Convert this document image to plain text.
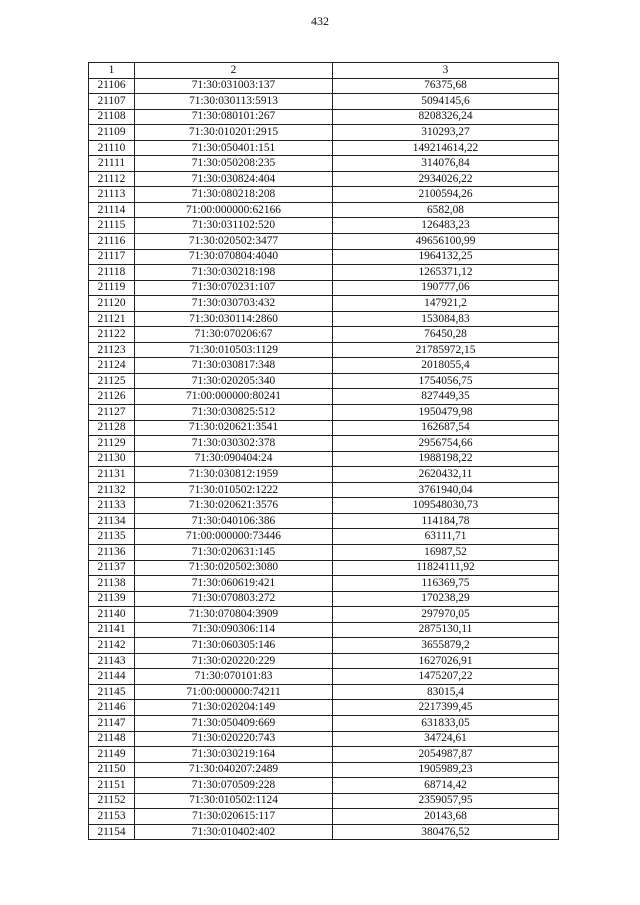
432
1	2	3
21106	71:30:031003:137	76375,68
21107	71:30:030113:5913	5094145,6
21108	71:30:080101:267	8208326,24
21109	71:30:010201:2915	310293,27
21110	71:30:050401:151	149214614,22
21111	71:30:050208:235	314076,84
21112	71:30:030824:404	2934026,22
21113	71:30:080218:208	2100594,26
21114	71:00:000000:62166	6582,08
21115	71:30:031102:520	126483,23
21116	71:30:020502:3477	49656100,99
21117	71:30:070804:4040	1964132,25
21118	71:30:030218:198	1265371,12
21119	71:30:070231:107	190777,06
21120	71:30:030703:432	147921,2
21121	71:30:030114:2860	153084,83
21122	71:30:070206:67	76450,28
21123	71:30:010503:1129	21785972,15
21124	71:30:030817:348	2018055,4
21125	71:30:020205:340	1754056,75
21126	71:00:000000:80241	827449,35
21127	71:30:030825:512	1950479,98
21128	71:30:020621:3541	162687,54
21129	71:30:030302:378	2956754,66
21130	71:30:090404:24	1988198,22
21131	71:30:030812:1959	2620432,11
21132	71:30:010502:1222	3761940,04
21133	71:30:020621:3576	109548030,73
21134	71:30:040106:386	114184,78
21135	71:00:000000:73446	63111,71
21136	71:30:020631:145	16987,52
21137	71:30:020502:3080	11824111,92
21138	71:30:060619:421	116369,75
21139	71:30:070803:272	170238,29
21140	71:30:070804:3909	297970,05
21141	71:30:090306:114	2875130,11
21142	71:30:060305:146	3655879,2
21143	71:30:020220:229	1627026,91
21144	71:30:070101:83	1475207,22
21145	71:00:000000:74211	83015,4
21146	71:30:020204:149	2217399,45
21147	71:30:050409:669	631833,05
21148	71:30:020220:743	34724,61
21149	71:30:030219:164	2054987,87
21150	71:30:040207:2489	1905989,23
21151	71:30:070509:228	68714,42
21152	71:30:010502:1124	2359057,95
21153	71:30:020615:117	20143,68
21154	71:30:010402:402	380476,52
